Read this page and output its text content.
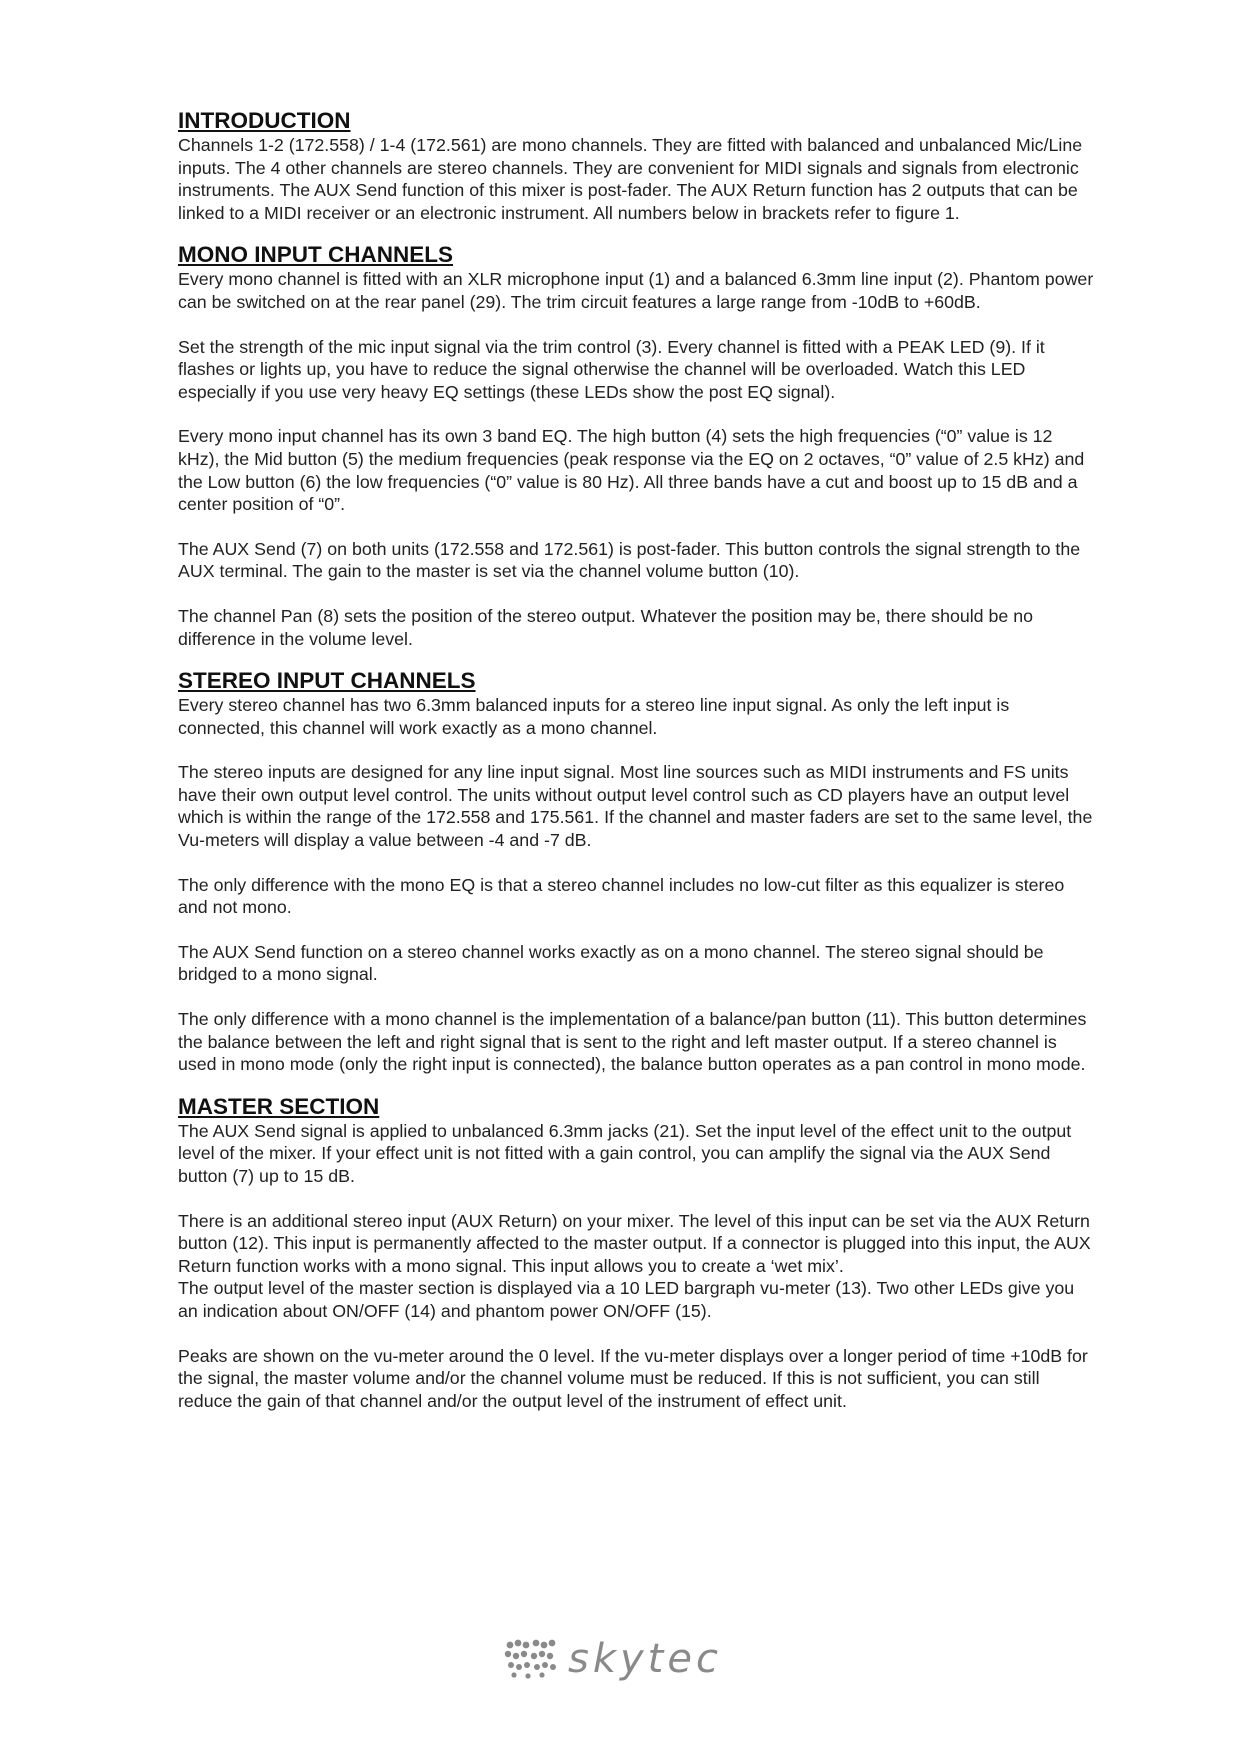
INTRODUCTION

Channels 1-2 (172.558) / 1-4 (172.561) are mono channels. They are fitted with balanced and unbalanced Mic/Line inputs. The 4 other channels are stereo channels. They are convenient for MIDI signals and signals from electronic instruments. The AUX Send function of this mixer is post-fader. The AUX Return function has 2 outputs that can be linked to a MIDI receiver or an electronic instrument. All numbers below in brackets refer to figure 1.

MONO INPUT CHANNELS

Every mono channel is fitted with an XLR microphone input (1) and a balanced 6.3mm line input (2). Phantom power can be switched on at the rear panel (29). The trim circuit features a large range from -10dB to +60dB.

Set the strength of the mic input signal via the trim control (3). Every channel is fitted with a PEAK LED (9). If it flashes or lights up, you have to reduce the signal otherwise the channel will be overloaded. Watch this LED especially if you use very heavy EQ settings (these LEDs show the post EQ signal).

Every mono input channel has its own 3 band EQ. The high button (4) sets the high frequencies (“0” value is 12 kHz), the Mid button (5) the medium frequencies (peak response via the EQ on 2 octaves, “0” value of 2.5 kHz) and the Low button (6) the low frequencies (“0” value is 80 Hz). All three bands have a cut and boost up to 15 dB and a center position of “0”.

The AUX Send (7) on both units (172.558 and 172.561) is post-fader. This button controls the signal strength to the AUX terminal. The gain to the master is set via the channel volume button (10).

The channel Pan (8) sets the position of the stereo output. Whatever the position may be, there should be no difference in the volume level.

STEREO INPUT CHANNELS

Every stereo channel has two 6.3mm balanced inputs for a stereo line input signal. As only the left input is connected, this channel will work exactly as a mono channel.

The stereo inputs are designed for any line input signal. Most line sources such as MIDI instruments and FS units have their own output level control. The units without output level control such as CD players have an output level which is within the range of the 172.558 and 175.561. If the channel and master faders are set to the same level, the Vu-meters will display a value between -4 and -7 dB.

The only difference with the mono EQ is that a stereo channel includes no low-cut filter as this equalizer is stereo and not mono.

The AUX Send function on a stereo channel works exactly as on a mono channel. The stereo signal should be bridged to a mono signal.

The only difference with a mono channel is the implementation of a balance/pan button (11). This button determines the balance between the left and right signal that is sent to the right and left master output. If a stereo channel is used in mono mode (only the right input is connected), the balance button operates as a pan control in mono mode.

MASTER SECTION

The AUX Send signal is applied to unbalanced 6.3mm jacks (21). Set the input level of the effect unit to the output level of the mixer. If your effect unit is not fitted with a gain control, you can amplify the signal via the AUX Send button (7) up to 15 dB.

There is an additional stereo input (AUX Return) on your mixer. The level of this input can be set via the AUX Return button (12). This input is permanently affected to the master output. If a connector is plugged into this input, the AUX Return function works with a mono signal. This input allows you to create a ‘wet mix’.

The output level of the master section is displayed via a 10 LED bargraph vu-meter (13). Two other LEDs give you an indication about ON/OFF (14) and phantom power ON/OFF (15).

Peaks are shown on the vu-meter around the 0 level. If the vu-meter displays over a longer period of time +10dB for the signal, the master volume and/or the channel volume must be reduced. If this is not sufficient, you can still reduce the gain of that channel and/or the output level of the instrument of effect unit.

skytec
